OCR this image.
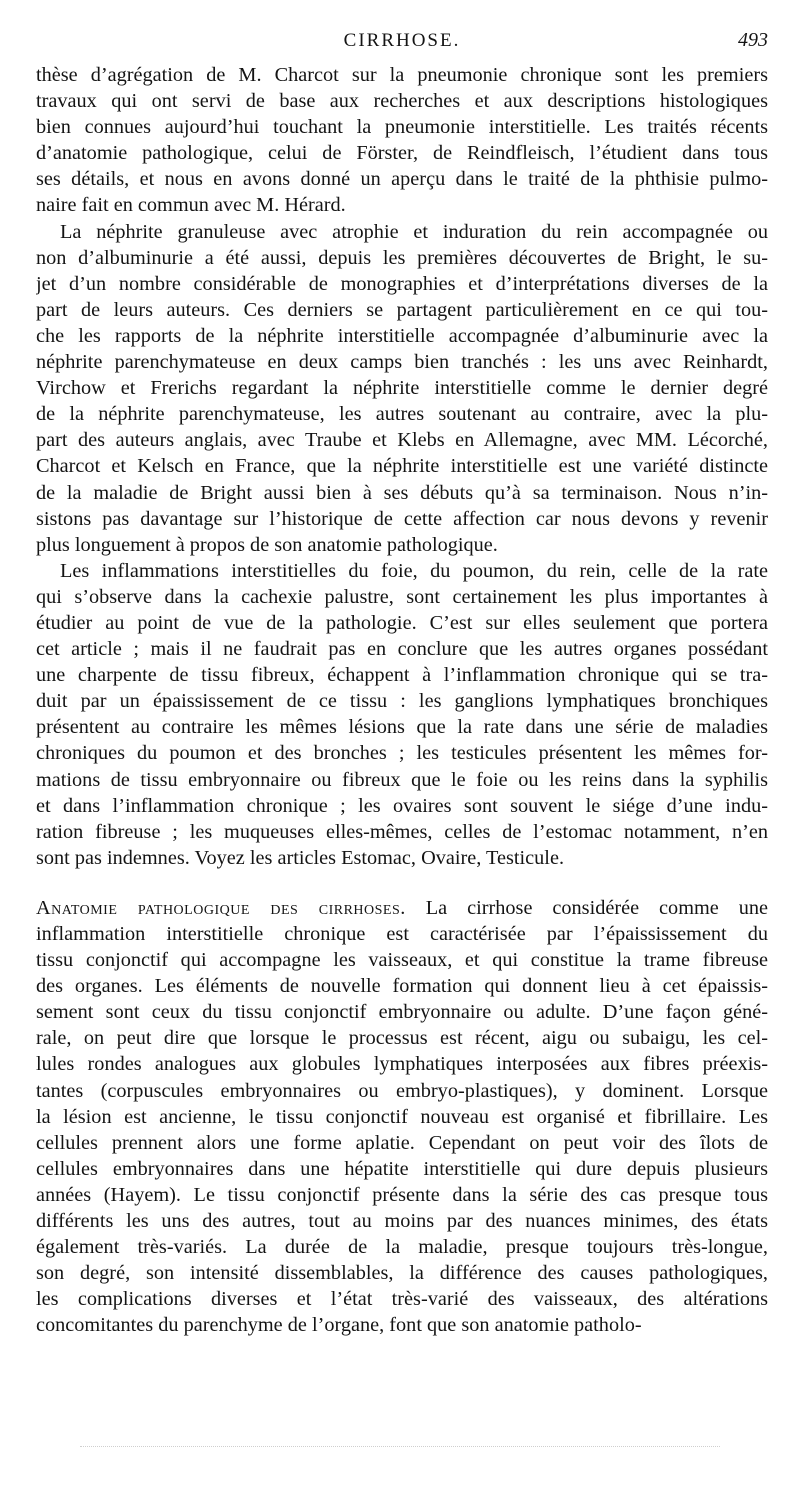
CIRRHOSE.	493
thèse d’agrégation de M. Charcot sur la pneumonie chronique sont les premiers
travaux qui ont servi de base aux recherches et aux descriptions histologiques
bien connues aujourd’hui touchant la pneumonie interstitielle. Les traités récents
d’anatomie pathologique, celui de Förster, de Reindfleisch, l’étudient dans tous
ses détails, et nous en avons donné un aperçu dans le traité de la phthisie pulmo-
naire fait en commun avec M. Hérard.
La néphrite granuleuse avec atrophie et induration du rein accompagnée ou
non d’albuminurie a été aussi, depuis les premières découvertes de Bright, le su-
jet d’un nombre considérable de monographies et d’interprétations diverses de la
part de leurs auteurs. Ces derniers se partagent particulièrement en ce qui tou-
che les rapports de la néphrite interstitielle accompagnée d’albuminurie avec la
néphrite parenchymateuse en deux camps bien tranchés : les uns avec Reinhardt,
Virchow et Frerichs regardant la néphrite interstitielle comme le dernier degré
de la néphrite parenchymateuse, les autres soutenant au contraire, avec la plu-
part des auteurs anglais, avec Traube et Klebs en Allemagne, avec MM. Lécorché,
Charcot et Kelsch en France, que la néphrite interstitielle est une variété distincte
de la maladie de Bright aussi bien à ses débuts qu’à sa terminaison. Nous n’in-
sistons pas davantage sur l’historique de cette affection car nous devons y revenir
plus longuement à propos de son anatomie pathologique.
Les inflammations interstitielles du foie, du poumon, du rein, celle de la rate
qui s’observe dans la cachexie palustre, sont certainement les plus importantes à
étudier au point de vue de la pathologie. C’est sur elles seulement que portera
cet article ; mais il ne faudrait pas en conclure que les autres organes possédant
une charpente de tissu fibreux, échappent à l’inflammation chronique qui se tra-
duit par un épaississement de ce tissu : les ganglions lymphatiques bronchiques
présentent au contraire les mêmes lésions que la rate dans une série de maladies
chroniques du poumon et des bronches ; les testicules présentent les mêmes for-
mations de tissu embryonnaire ou fibreux que le foie ou les reins dans la syphilis
et dans l’inflammation chronique ; les ovaires sont souvent le siége d’une indu-
ration fibreuse ; les muqueuses elles-mêmes, celles de l’estomac notamment, n’en
sont pas indemnes. Voyez les articles Estomac, Ovaire, Testicule.
Anatomie pathologique des cirrhoses. La cirrhose considérée comme une
inflammation interstitielle chronique est caractérisée par l’épaississement du
tissu conjonctif qui accompagne les vaisseaux, et qui constitue la trame fibreuse
des organes. Les éléments de nouvelle formation qui donnent lieu à cet épaissis-
sement sont ceux du tissu conjonctif embryonnaire ou adulte. D’une façon géné-
rale, on peut dire que lorsque le processus est récent, aigu ou subaigu, les cel-
lules rondes analogues aux globules lymphatiques interposées aux fibres préexis-
tantes (corpuscules embryonnaires ou embryo-plastiques), y dominent. Lorsque
la lésion est ancienne, le tissu conjonctif nouveau est organisé et fibrillaire. Les
cellules prennent alors une forme aplatie. Cependant on peut voir des îlots de
cellules embryonnaires dans une hépatite interstitielle qui dure depuis plusieurs
années (Hayem). Le tissu conjonctif présente dans la série des cas presque tous
différents les uns des autres, tout au moins par des nuances minimes, des états
également très-variés. La durée de la maladie, presque toujours très-longue,
son degré, son intensité dissemblables, la différence des causes pathologiques,
les complications diverses et l’état très-varié des vaisseaux, des altérations
concomitantes du parenchyme de l’organe, font que son anatomie patholo-
